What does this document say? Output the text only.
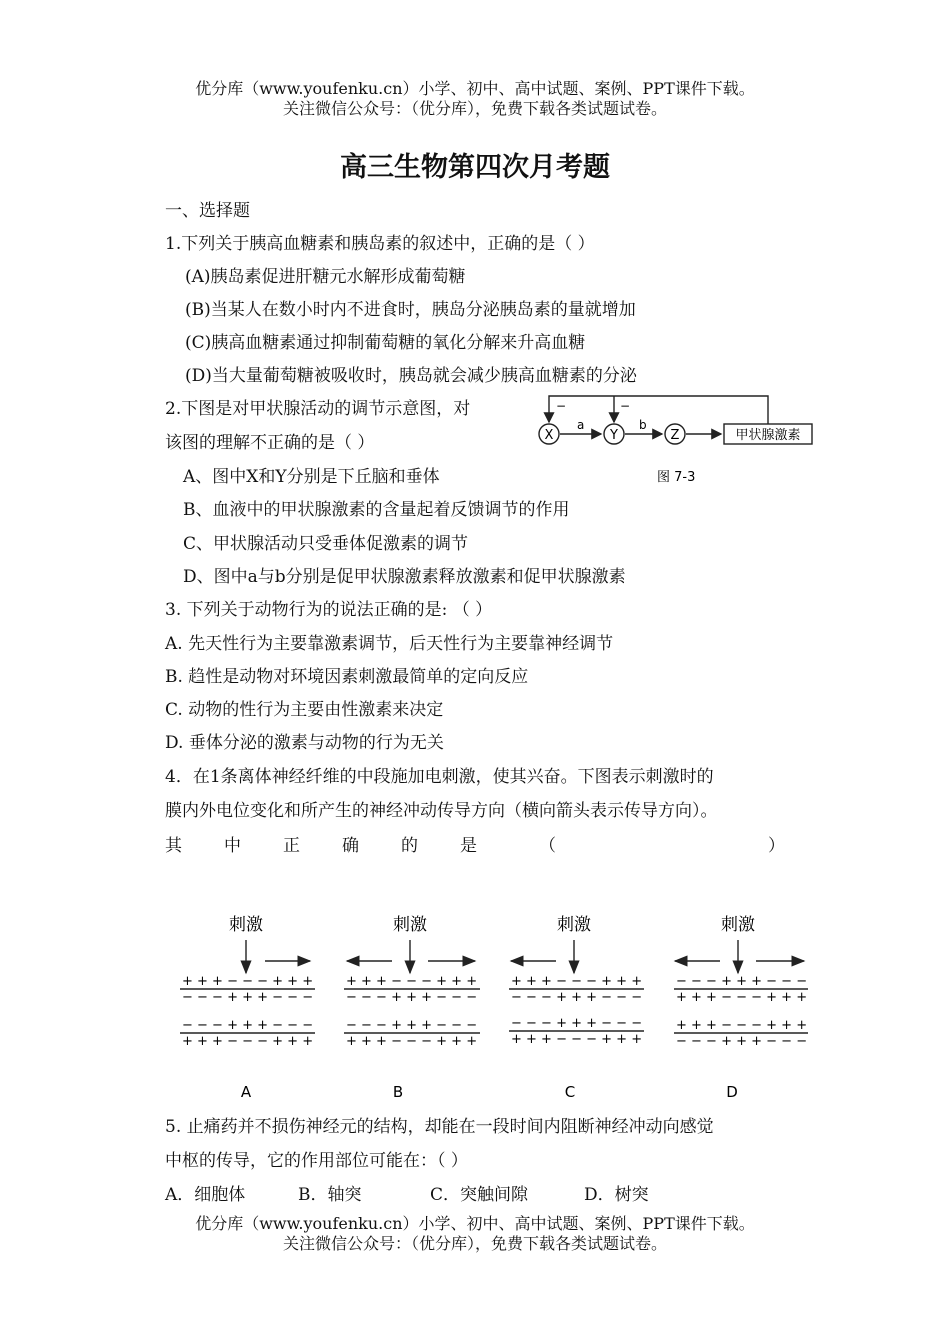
优分库（www.youfenku.cn）小学、初中、高中试题、案例、PPT课件下载。
关注微信公众号：（优分库），免费下载各类试题试卷。
高三生物第四次月考题
一、选择题
1.下列关于胰高血糖素和胰岛素的叙述中，正确的是（ ）
(A)胰岛素促进肝糖元水解形成葡萄糖
(B)当某人在数小时内不进食时，胰岛分泌胰岛素的量就增加
(C)胰高血糖素通过抑制葡萄糖的氧化分解来升高血糖
(D)当大量葡萄糖被吸收时，胰岛就会减少胰高血糖素的分泌
2.下图是对甲状腺活动的调节示意图，对
该图的理解不正确的是（ ）
A、图中X和Y分别是下丘脑和垂体
B、血液中的甲状腺激素的含量起着反馈调节的作用
C、甲状腺活动只受垂体促激素的调节
D、图中a与b分别是促甲状腺激素释放激素和促甲状腺激素
−	−
X	Y	Z
a	b
甲状腺激素
图 7-3
3. 下列关于动物行为的说法正确的是: （ ）
A. 先天性行为主要靠激素调节，后天性行为主要靠神经调节
B. 趋性是动物对环境因素刺激最简单的定向反应
C. 动物的性行为主要由性激素来决定
D. 垂体分泌的激素与动物的行为无关
4．在1条离体神经纤维的中段施加电刺激，使其兴奋。下图表示刺激时的
膜内外电位变化和所产生的神经冲动传导方向（横向箭头表示传导方向）。
其 中 正 确 的 是	（	）
刺激
+ + + − − − + + +
− − − + + + − − −
− − − + + + − − −
+ + + − − − + + +
A
刺激
+ + + − − − + + +
− − − + + + − − −
− − − + + + − − −
+ + + − − − + + +
B
刺激
+ + + − − − + + +
− − − + + + − − −
− − − + + + − − −
+ + + − − − + + +
C
刺激
− − − + + + − − −
+ + + − − − + + +
+ + + − − − + + +
− − − + + + − − −
D
5. 止痛药并不损伤神经元的结构，却能在一段时间内阻断神经冲动向感觉
中枢的传导，它的作用部位可能在：（ ）
A．细胞体	B．轴突	C．突触间隙	D．树突
优分库（www.youfenku.cn）小学、初中、高中试题、案例、PPT课件下载。
关注微信公众号：（优分库），免费下载各类试题试卷。
